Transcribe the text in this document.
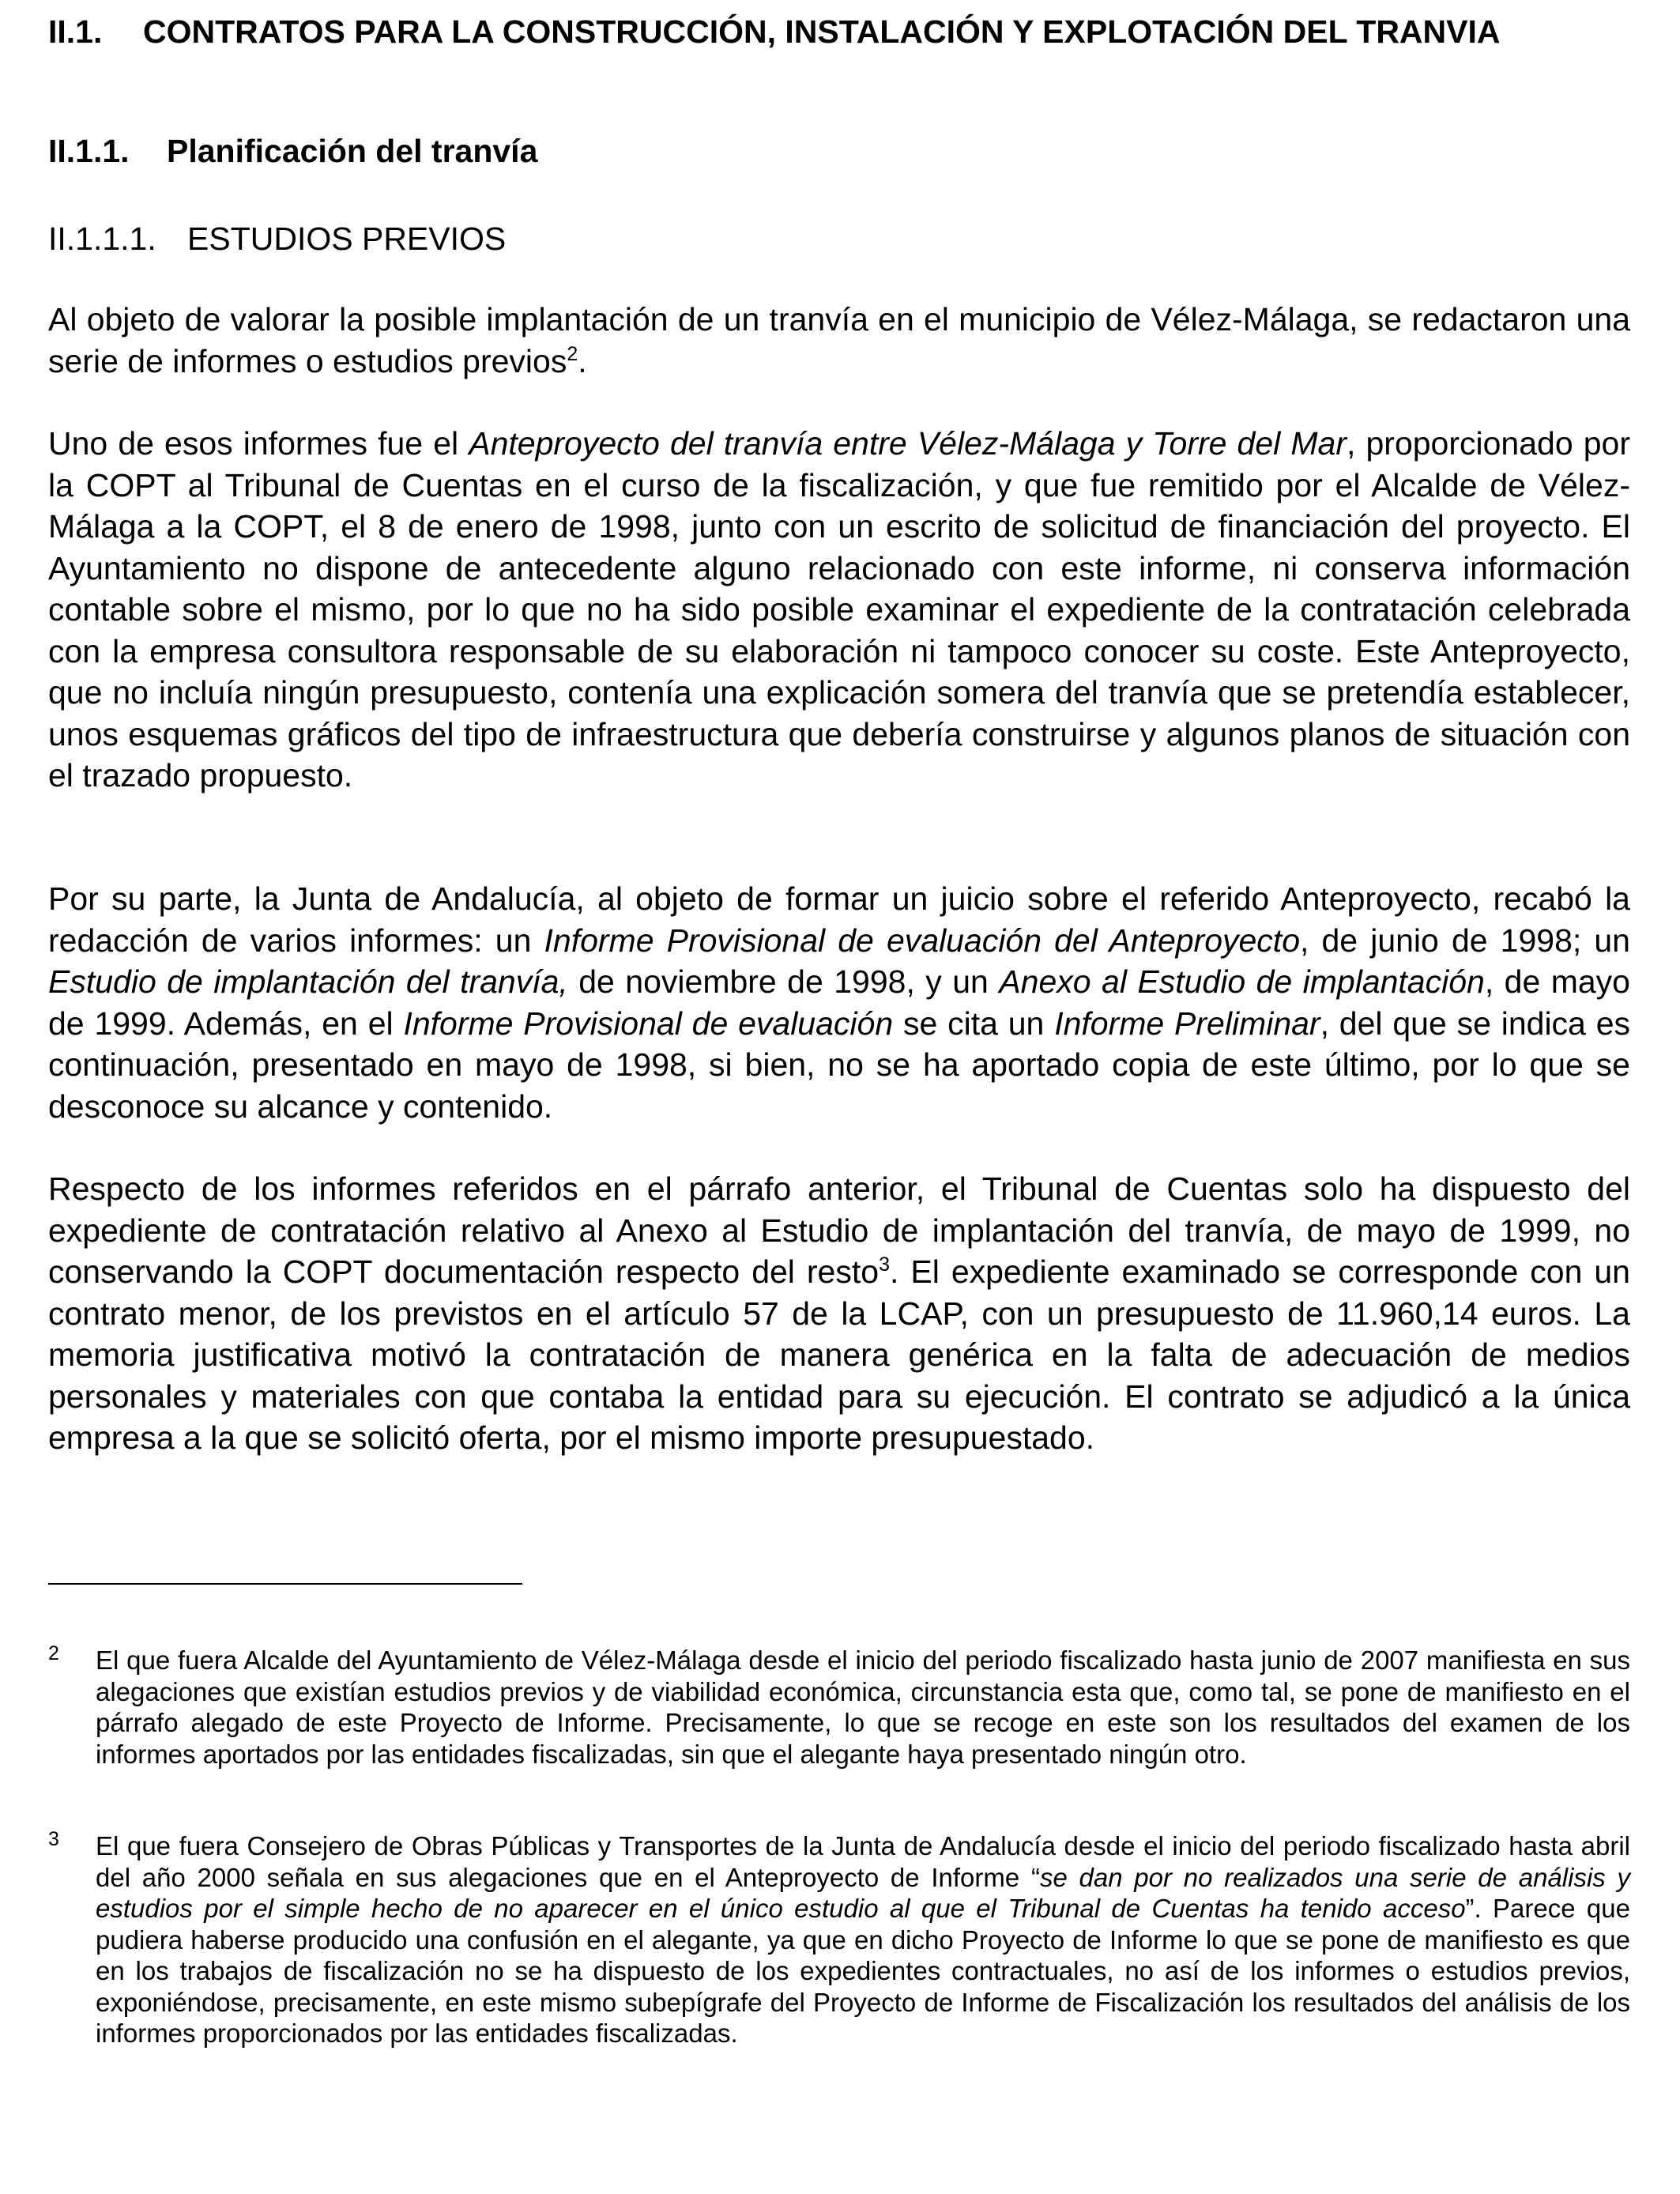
II.1. CONTRATOS PARA LA CONSTRUCCIÓN, INSTALACIÓN Y EXPLOTACIÓN DEL TRANVIA
II.1.1. Planificación del tranvía
II.1.1.1. ESTUDIOS PREVIOS

Al objeto de valorar la posible implantación de un tranvía en el municipio de Vélez-Málaga, se redactaron una serie de informes o estudios previos$^2$.

Uno de esos informes fue el Anteproyecto del tranvía entre Vélez-Málaga y Torre del Mar, proporcionado por la COPT al Tribunal de Cuentas en el curso de la fiscalización, y que fue remitido por el Alcalde de Vélez-Málaga a la COPT, el 8 de enero de 1998, junto con un escrito de solicitud de financiación del proyecto. El Ayuntamiento no dispone de antecedente alguno relacionado con este informe, ni conserva información contable sobre el mismo, por lo que no ha sido posible examinar el expediente de la contratación celebrada con la empresa consultora responsable de su elaboración ni tampoco conocer su coste. Este Anteproyecto, que no incluía ningún presupuesto, contenía una explicación somera del tranvía que se pretendía establecer, unos esquemas gráficos del tipo de infraestructura que debería construirse y algunos planos de situación con el trazado propuesto.

Por su parte, la Junta de Andalucía, al objeto de formar un juicio sobre el referido Anteproyecto, recabó la redacción de varios informes: un Informe Provisional de evaluación del Anteproyecto, de junio de 1998; un Estudio de implantación del tranvía, de noviembre de 1998, y un Anexo al Estudio de implantación, de mayo de 1999. Además, en el Informe Provisional de evaluación se cita un Informe Preliminar, del que se indica es continuación, presentado en mayo de 1998, si bien, no se ha aportado copia de este último, por lo que se desconoce su alcance y contenido.

Respecto de los informes referidos en el párrafo anterior, el Tribunal de Cuentas solo ha dispuesto del expediente de contratación relativo al Anexo al Estudio de implantación del tranvía, de mayo de 1999, no conservando la COPT documentación respecto del resto$^3$. El expediente examinado se corresponde con un contrato menor, de los previstos en el artículo 57 de la LCAP, con un presupuesto de 11.960,14 euros. La memoria justificativa motivó la contratación de manera genérica en la falta de adecuación de medios personales y materiales con que contaba la entidad para su ejecución. El contrato se adjudicó a la única empresa a la que se solicitó oferta, por el mismo importe presupuestado.

2 El que fuera Alcalde del Ayuntamiento de Vélez-Málaga desde el inicio del periodo fiscalizado hasta junio de 2007 manifiesta en sus alegaciones que existían estudios previos y de viabilidad económica, circunstancia esta que, como tal, se pone de manifiesto en el párrafo alegado de este Proyecto de Informe. Precisamente, lo que se recoge en este son los resultados del examen de los informes aportados por las entidades fiscalizadas, sin que el alegante haya presentado ningún otro.
3 El que fuera Consejero de Obras Públicas y Transportes de la Junta de Andalucía desde el inicio del periodo fiscalizado hasta abril del año 2000 señala en sus alegaciones que en el Anteproyecto de Informe “se dan por no realizados una serie de análisis y estudios por el simple hecho de no aparecer en el único estudio al que el Tribunal de Cuentas ha tenido acceso”. Parece que pudiera haberse producido una confusión en el alegante, ya que en dicho Proyecto de Informe lo que se pone de manifiesto es que en los trabajos de fiscalización no se ha dispuesto de los expedientes contractuales, no así de los informes o estudios previos, exponiéndose, precisamente, en este mismo subepígrafe del Proyecto de Informe de Fiscalización los resultados del análisis de los informes proporcionados por las entidades fiscalizadas.
